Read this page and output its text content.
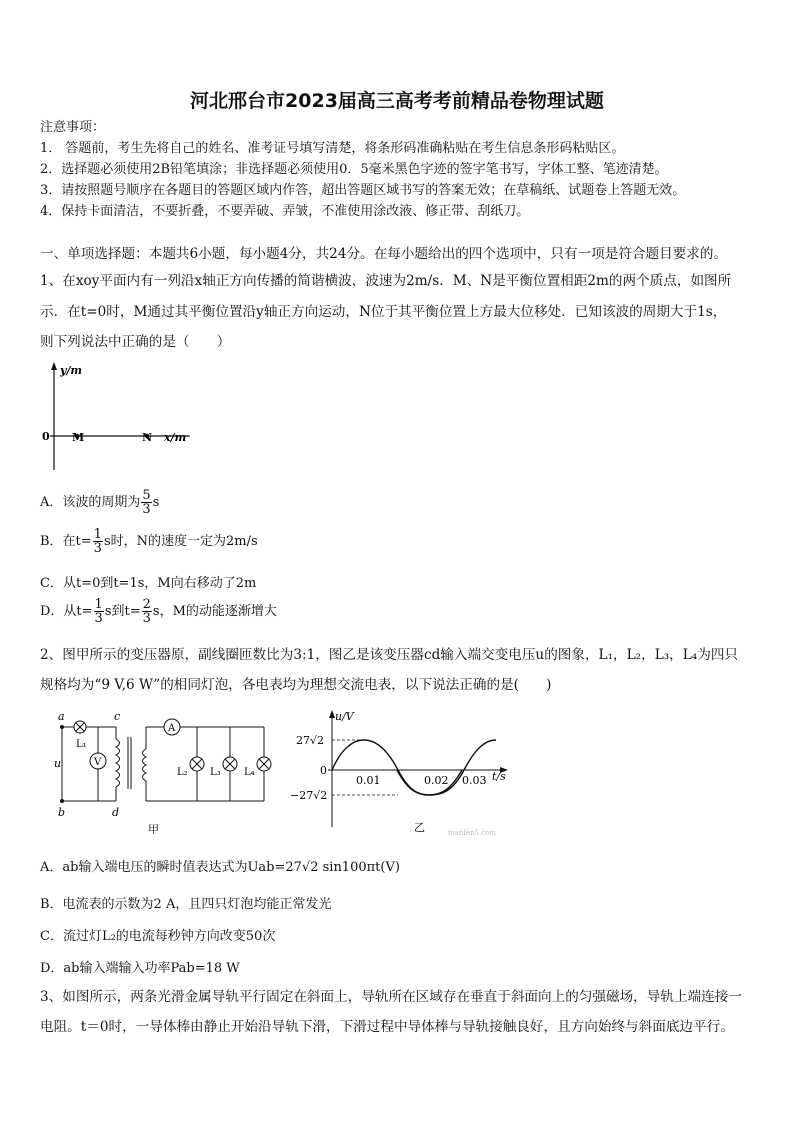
河北邢台市2023届高三高考考前精品卷物理试题
注意事项：
1． 答题前，考生先将自己的姓名、准考证号填写清楚，将条形码准确粘贴在考生信息条形码粘贴区。
2．选择题必须使用2B铅笔填涂；非选择题必须使用0．5毫米黑色字迹的签字笔书写，字体工整、笔迹清楚。
3．请按照题号顺序在各题目的答题区域内作答，超出答题区域书写的答案无效；在草稿纸、试题卷上答题无效。
4．保持卡面清洁，不要折叠，不要弄破、弄皱，不准使用涂改液、修正带、刮纸刀。
一、单项选择题：本题共6小题，每小题4分，共24分。在每小题给出的四个选项中，只有一项是符合题目要求的。
1、在xoy平面内有一列沿x轴正方向传播的简谐横波，波速为2m/s．M、N是平衡位置相距2m的两个质点，如图所
示．在t=0时，M通过其平衡位置沿y轴正方向运动，N位于其平衡位置上方最大位移处．已知该波的周期大于1s，
则下列说法中正确的是（　　）
y/m
0 M	N x/m
A．该波的周期为 $\frac{5}{3}$ s
B．在$t= \frac{1}{3}$ s时，N的速度一定为2m/s
C．从t=0到t=1s，M向右移动了2m
D．从$t= \frac{1}{3}$ s到$t= \frac{2}{3}$ s，M的动能逐渐增大
2、图甲所示的变压器原，副线圈匝数比为3:1，图乙是该变压器cd输入端交变电压u的图象，L₁，L₂，L₃，L₄为四只
规格均为“9 V,6 W”的相同灯泡，各电表均为理想交流电表，以下说法正确的是(　　)
a
b
c
d
u
L₁
V
A
L₂ L₃ L₄
甲
u/V
27√2
0
−27√2
0.01	0.02 0.03 t/s
乙	manfen5.com
A．ab输入端电压的瞬时值表达式为Uab=27√2 sin100πt(V)
B．电流表的示数为2 A，且四只灯泡均能正常发光
C．流过灯L₂的电流每秒钟方向改变50次
D．ab输入端输入功率Pab=18 W
3、如图所示，两条光滑金属导轨平行固定在斜面上，导轨所在区域存在垂直于斜面向上的匀强磁场，导轨上端连接一
电阻。t＝0时，一导体棒由静止开始沿导轨下滑，下滑过程中导体棒与导轨接触良好，且方向始终与斜面底边平行。
